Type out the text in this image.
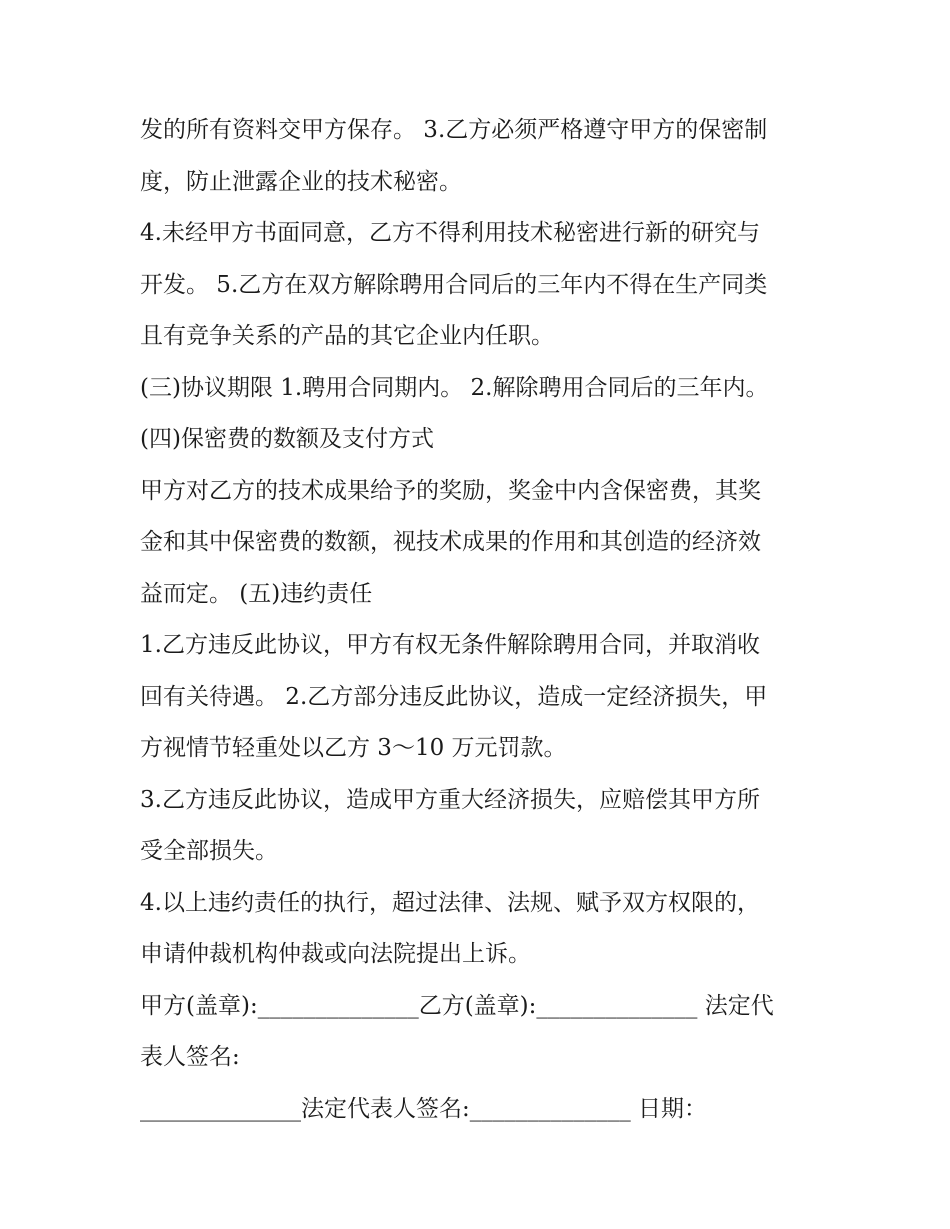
发的所有资料交甲方保存。 3.乙方必须严格遵守甲方的保密制
度，防止泄露企业的技术秘密。
4.未经甲方书面同意，乙方不得利用技术秘密进行新的研究与
开发。 5.乙方在双方解除聘用合同后的三年内不得在生产同类
且有竞争关系的产品的其它企业内任职。
(三)协议期限 1.聘用合同期内。 2.解除聘用合同后的三年内。
(四)保密费的数额及支付方式
甲方对乙方的技术成果给予的奖励，奖金中内含保密费，其奖
金和其中保密费的数额，视技术成果的作用和其创造的经济效
益而定。 (五)违约责任
1.乙方违反此协议，甲方有权无条件解除聘用合同，并取消收
回有关待遇。 2.乙方部分违反此协议，造成一定经济损失，甲
方视情节轻重处以乙方 3～10 万元罚款。
3.乙方违反此协议，造成甲方重大经济损失，应赔偿其甲方所
受全部损失。
4.以上违约责任的执行，超过法律、法规、赋予双方权限的，
申请仲裁机构仲裁或向法院提出上诉。
甲方(盖章):______________乙方(盖章):______________ 法定代
表人签名:
______________法定代表人签名:______________ 日期：
